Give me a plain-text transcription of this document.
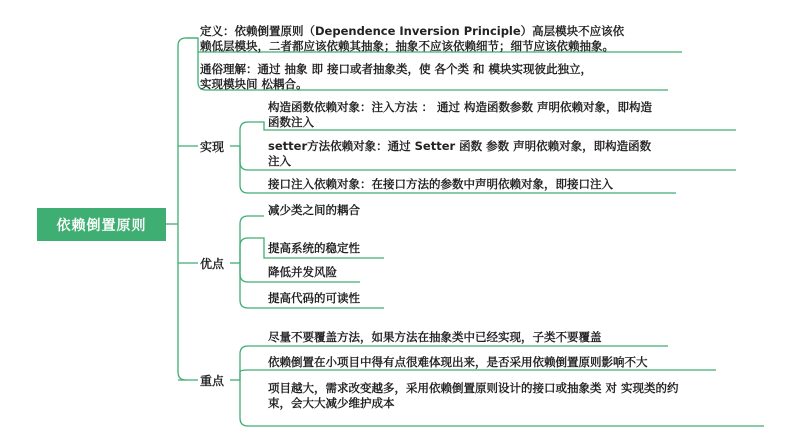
依赖倒置原则
定义：依赖倒置原则（Dependence Inversion Principle）高层模块不应该依
赖低层模块，二者都应该依赖其抽象；抽象不应该依赖细节；细节应该依赖抽象。
通俗理解：通过 抽象 即 接口或者抽象类，使 各个类 和 模块实现彼此独立，
实现模块间 松耦合。
实现
构造函数依赖对象：注入方法 ： 通过 构造函数参数 声明依赖对象，即构造
函数注入
setter方法依赖对象：通过 Setter 函数 参数 声明依赖对象，即构造函数
注入
接口注入依赖对象：在接口方法的参数中声明依赖对象，即接口注入
优点
减少类之间的耦合
提高系统的稳定性
降低并发风险
提高代码的可读性
重点
尽量不要覆盖方法，如果方法在抽象类中已经实现，子类不要覆盖
依赖倒置在小项目中得有点很难体现出来，是否采用依赖倒置原则影响不大
项目越大，需求改变越多，采用依赖倒置原则设计的接口或抽象类 对 实现类的约
束，会大大减少维护成本
